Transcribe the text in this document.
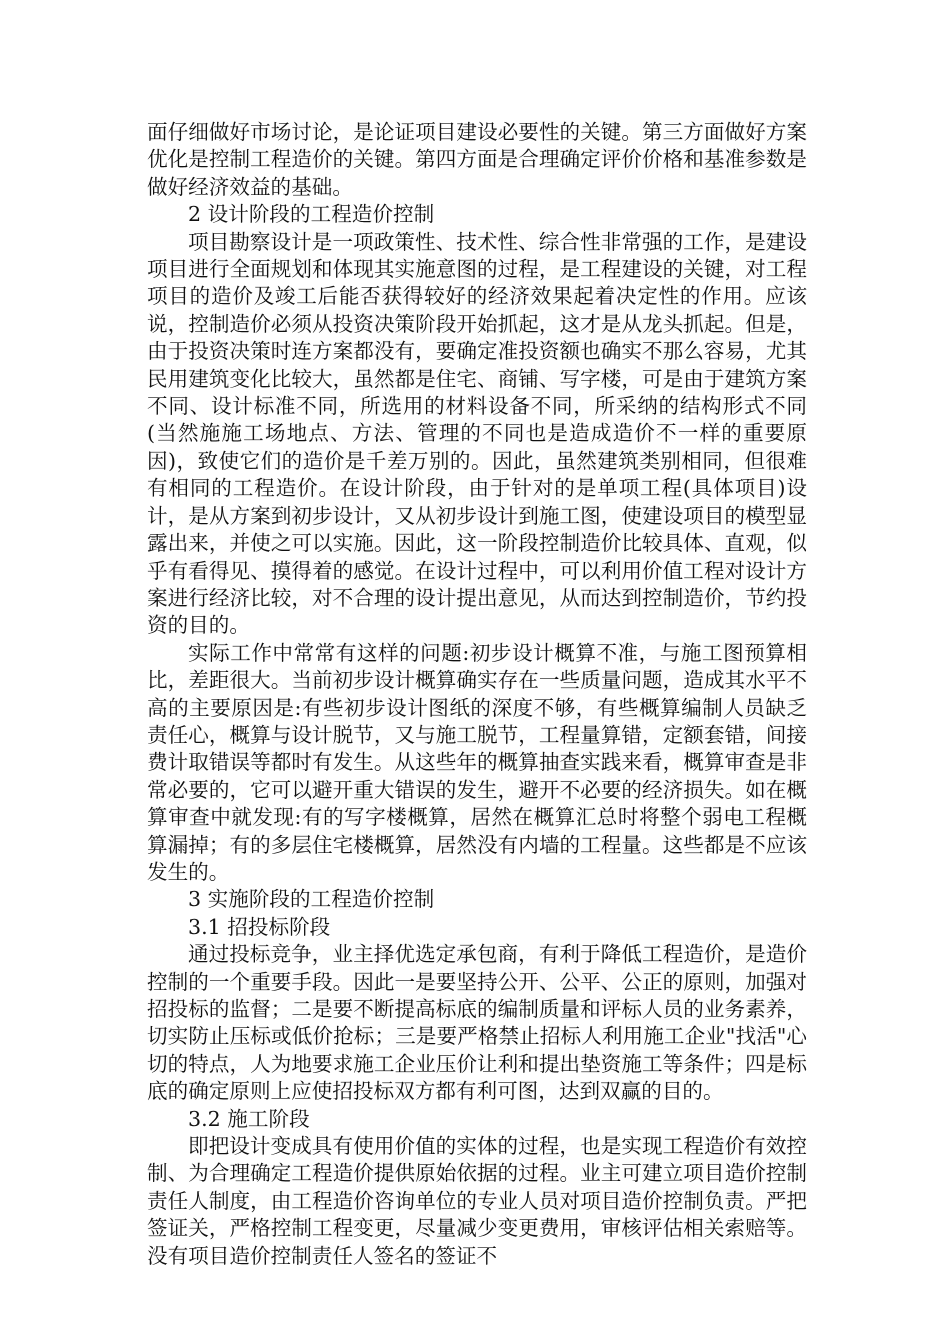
面仔细做好市场讨论，是论证项目建设必要性的关键。第三方面做好方案优化是控制工程造价的关键。第四方面是合理确定评价价格和基准参数是做好经济效益的基础。

2 设计阶段的工程造价控制

项目勘察设计是一项政策性、技术性、综合性非常强的工作，是建设项目进行全面规划和体现其实施意图的过程，是工程建设的关键，对工程项目的造价及竣工后能否获得较好的经济效果起着决定性的作用。应该说，控制造价必须从投资决策阶段开始抓起，这才是从龙头抓起。但是，由于投资决策时连方案都没有，要确定准投资额也确实不那么容易，尤其民用建筑变化比较大，虽然都是住宅、商铺、写字楼，可是由于建筑方案不同、设计标准不同，所选用的材料设备不同，所采纳的结构形式不同(当然施施工场地点、方法、管理的不同也是造成造价不一样的重要原因)，致使它们的造价是千差万别的。因此，虽然建筑类别相同，但很难有相同的工程造价。在设计阶段，由于针对的是单项工程(具体项目)设计，是从方案到初步设计，又从初步设计到施工图，使建设项目的模型显露出来，并使之可以实施。因此，这一阶段控制造价比较具体、直观，似乎有看得见、摸得着的感觉。在设计过程中，可以利用价值工程对设计方案进行经济比较，对不合理的设计提出意见，从而达到控制造价，节约投资的目的。

实际工作中常常有这样的问题:初步设计概算不准，与施工图预算相比，差距很大。当前初步设计概算确实存在一些质量问题，造成其水平不高的主要原因是:有些初步设计图纸的深度不够，有些概算编制人员缺乏责任心，概算与设计脱节，又与施工脱节，工程量算错，定额套错，间接费计取错误等都时有发生。从这些年的概算抽查实践来看，概算审查是非常必要的，它可以避开重大错误的发生，避开不必要的经济损失。如在概算审查中就发现:有的写字楼概算，居然在概算汇总时将整个弱电工程概算漏掉；有的多层住宅楼概算，居然没有内墙的工程量。这些都是不应该发生的。

3 实施阶段的工程造价控制

3.1 招投标阶段

通过投标竞争，业主择优选定承包商，有利于降低工程造价，是造价控制的一个重要手段。因此一是要坚持公开、公平、公正的原则，加强对招投标的监督；二是要不断提高标底的编制质量和评标人员的业务素养，切实防止压标或低价抢标；三是要严格禁止招标人利用施工企业"找活"心切的特点，人为地要求施工企业压价让利和提出垫资施工等条件；四是标底的确定原则上应使招投标双方都有利可图，达到双赢的目的。

3.2 施工阶段

即把设计变成具有使用价值的实体的过程，也是实现工程造价有效控制、为合理确定工程造价提供原始依据的过程。业主可建立项目造价控制责任人制度，由工程造价咨询单位的专业人员对项目造价控制负责。严把签证关，严格控制工程变更，尽量减少变更费用，审核评估相关索赔等。没有项目造价控制责任人签名的签证不
